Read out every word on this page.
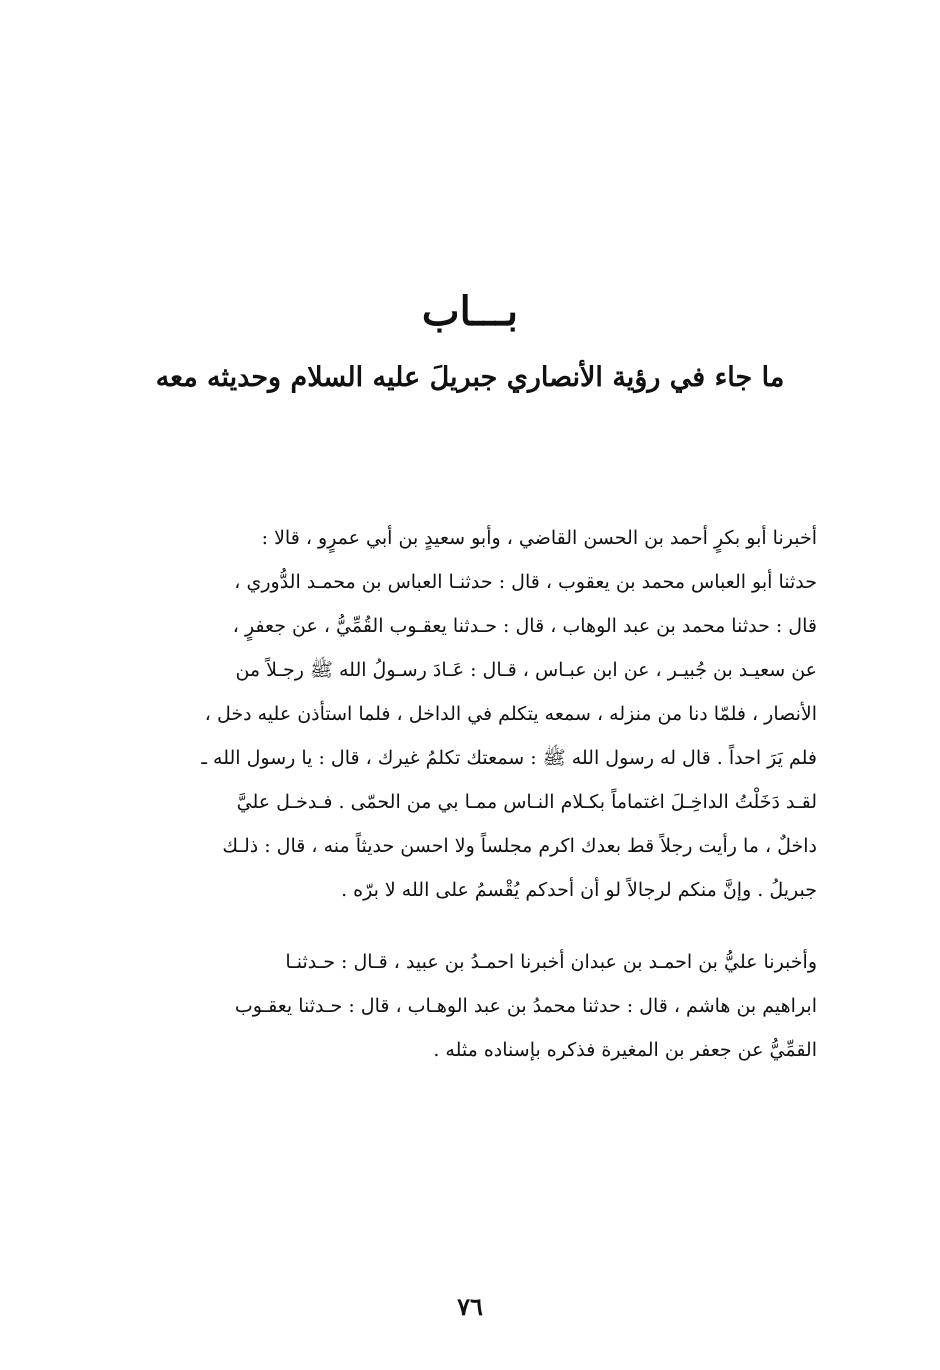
بـــاب
ما جاء في رؤية الأنصاري جبريلَ عليه السلام وحديثه معه
أخبرنا أبو بكرٍ أحمد بن الحسن القاضي ، وأبو سعيدٍ بن أبي عمرٍو ، قالا :
حدثنا أبو العباس محمد بن يعقوب ، قال : حدثنـا العباس بن محمـد الدُّوري ،
قال : حدثنا محمد بن عبد الوهاب ، قال : حـدثنا يعقـوب القُمِّيُّ ، عن جعفرٍ ،
عن سعيـد بن جُبيـر ، عن ابن عبـاس ، قـال : عَـادَ رسـولُ الله ﷺ رجـلاً من
الأنصار ، فلمّا دنا من منزله ، سمعه يتكلم في الداخل ، فلما استأذن عليه دخل ،
فلم يَرَ احداً . قال له رسول الله ﷺ : سمعتك تكلمُ غيرك ، قال : يا رسول الله ـ
لقـد دَخَلْتُ الداخِـلَ اغتماماً بكـلام النـاس ممـا بي من الحمّى . فـدخـل عليَّ
داخلٌ ، ما رأيت رجلاً قط بعدك اكرم مجلساً ولا احسن حديثاً منه ، قال : ذلـك
جبريلُ . وإنَّ منكم لرجالاً لو أن أحدكم يُقْسمُ على الله لا برّه .
وأخبرنا عليُّ بن احمـد بن عبدان أخبرنا احمـدُ بن عبيد ، قـال : حـدثنـا
ابراهيم بن هاشم ، قال : حدثنا محمدُ بن عبد الوهـاب ، قال : حـدثنا يعقـوب
القمِّيُّ عن جعفر بن المغيرة فذكره بإسناده مثله .
٧٦
